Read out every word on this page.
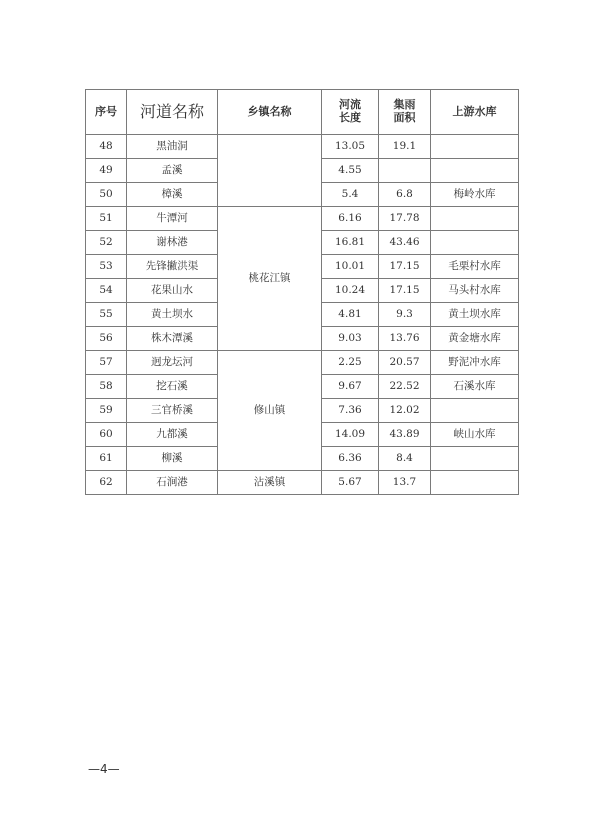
序号	河道名称	乡镇名称	河流长度	集雨面积	上游水库
48	黑油洞		13.05	19.1	
49	孟溪		4.55		
50	樟溪		5.4	6.8	梅岭水库
51	牛潭河	桃花江镇	6.16	17.78	
52	谢林港		16.81	43.46	
53	先锋撇洪渠		10.01	17.15	毛栗村水库
54	花果山水		10.24	17.15	马头村水库
55	黄土坝水		4.81	9.3	黄土坝水库
56	株木潭溪		9.03	13.76	黄金塘水库
57	迥龙坛河	修山镇	2.25	20.57	野泥冲水库
58	挖石溪		9.67	22.52	石溪水库
59	三官桥溪		7.36	12.02	
60	九都溪		14.09	43.89	峡山水库
61	柳溪		6.36	8.4	
62	石涧港	沾溪镇	5.67	13.7	
—4—
